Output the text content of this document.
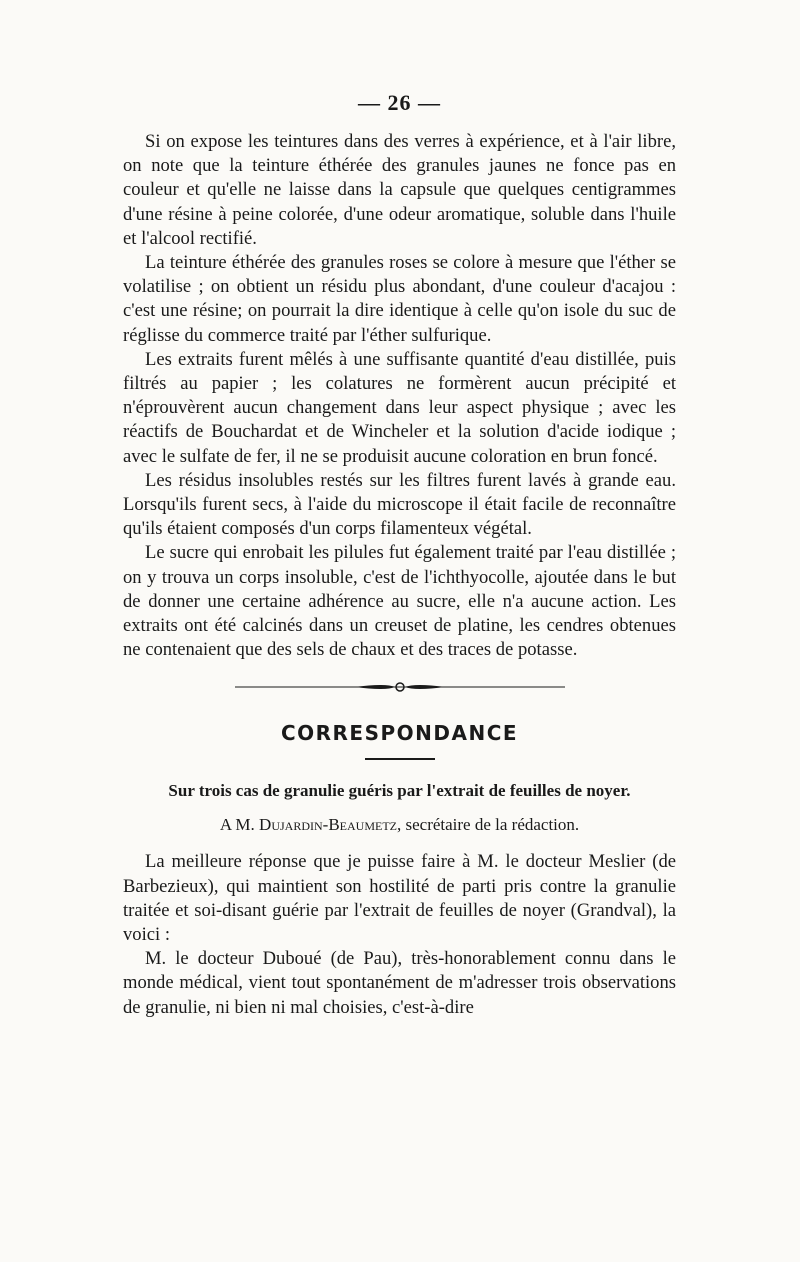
— 26 —

Si on expose les teintures dans des verres à expérience, et à l'air libre, on note que la teinture éthérée des granules jaunes ne fonce pas en couleur et qu'elle ne laisse dans la capsule que quelques centigrammes d'une résine à peine colorée, d'une odeur aromatique, soluble dans l'huile et l'alcool rectifié.

La teinture éthérée des granules roses se colore à mesure que l'éther se volatilise ; on obtient un résidu plus abondant, d'une couleur d'acajou : c'est une résine; on pourrait la dire identique à celle qu'on isole du suc de réglisse du commerce traité par l'éther sulfurique.

Les extraits furent mêlés à une suffisante quantité d'eau distillée, puis filtrés au papier ; les colatures ne formèrent aucun précipité et n'éprouvèrent aucun changement dans leur aspect physique ; avec les réactifs de Bouchardat et de Wincheler et la solution d'acide iodique ; avec le sulfate de fer, il ne se produisit aucune coloration en brun foncé.

Les résidus insolubles restés sur les filtres furent lavés à grande eau. Lorsqu'ils furent secs, à l'aide du microscope il était facile de reconnaître qu'ils étaient composés d'un corps filamenteux végétal.

Le sucre qui enrobait les pilules fut également traité par l'eau distillée ; on y trouva un corps insoluble, c'est de l'ichthyocolle, ajoutée dans le but de donner une certaine adhérence au sucre, elle n'a aucune action. Les extraits ont été calcinés dans un creuset de platine, les cendres obtenues ne contenaient que des sels de chaux et des traces de potasse.

CORRESPONDANCE
Sur trois cas de granulie guéris par l'extrait de feuilles de noyer.
A M. Dujardin-Beaumetz, secrétaire de la rédaction.

La meilleure réponse que je puisse faire à M. le docteur Meslier (de Barbezieux), qui maintient son hostilité de parti pris contre la granulie traitée et soi-disant guérie par l'extrait de feuilles de noyer (Grandval), la voici :

M. le docteur Duboué (de Pau), très-honorablement connu dans le monde médical, vient tout spontanément de m'adresser trois observations de granulie, ni bien ni mal choisies, c'est-à-dire
